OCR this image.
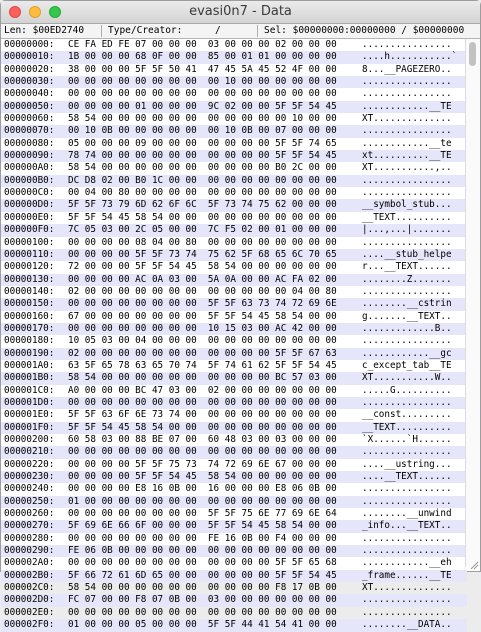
evasi0n7 - Data
Len: $00ED2740	Type/Creator:	/	Sel: $00000000:00000000 / $00000000
00000000: CE FA ED FE 07 00 00 00  03 00 00 00 02 00 00 00	................
00000010: 1B 00 00 00 68 0F 00 00  85 00 01 01 00 00 00 00	....h...........`
00000020: 38 00 00 00 5F 5F 50 41  47 45 5A 45 52 4F 00 00	8...__PAGEZERO..
00000030: 00 00 00 00 00 00 00 00  00 10 00 00 00 00 00 00	................
00000040: 00 00 00 00 00 00 00 00  00 00 00 00 00 00 00 00	................
00000050: 00 00 00 00 01 00 00 00  9C 02 00 00 5F 5F 54 45	............__TE
00000060: 58 54 00 00 00 00 00 00  00 00 00 00 00 10 00 00	XT..............
00000070: 00 10 0B 00 00 00 00 00  00 10 0B 00 07 00 00 00	................
00000080: 05 00 00 00 09 00 00 00  00 00 00 00 5F 5F 74 65	............__te
00000090: 78 74 00 00 00 00 00 00  00 00 00 00 5F 5F 54 45	xt..........__TE
000000A0: 58 54 00 00 00 00 00 00  00 00 00 00 B0 2C 00 00	XT...........,..
000000B0: DC D8 02 00 B0 1C 00 00  00 00 00 00 00 00 00 00	................
000000C0: 00 04 00 80 00 00 00 00  00 00 00 00 00 00 00 00	................
000000D0: 5F 5F 73 79 6D 62 6F 6C  5F 73 74 75 62 00 00 00	__symbol_stub...
000000E0: 5F 5F 54 45 58 54 00 00  00 00 00 00 00 00 00 00	__TEXT..........
000000F0: 7C 05 03 00 2C 05 00 00  7C F5 02 00 01 00 00 00	|...,...|.......
00000100: 00 00 00 00 08 04 00 80  00 00 00 00 00 00 00 00	................
00000110: 00 00 00 00 5F 5F 73 74  75 62 5F 68 65 6C 70 65	....__stub_helpe
00000120: 72 00 00 00 5F 5F 54 45  58 54 00 00 00 00 00 00	r...__TEXT......
00000130: 00 00 00 00 AC 0A 03 00  5A 0A 00 00 AC FA 02 00	........Z.......
00000140: 02 00 00 00 00 00 00 00  00 00 00 00 00 04 00 80	................
00000150: 00 00 00 00 00 00 00 00  5F 5F 63 73 74 72 69 6E	........__cstrin
00000160: 67 00 00 00 00 00 00 00  5F 5F 54 45 58 54 00 00	g.......__TEXT..
00000170: 00 00 00 00 00 00 00 00  10 15 03 00 AC 42 00 00	.............B..
00000180: 10 05 03 00 04 00 00 00  00 00 00 00 00 00 00 00	................
00000190: 02 00 00 00 00 00 00 00  00 00 00 00 5F 5F 67 63	............__gc
000001A0: 63 5F 65 78 63 65 70 74  5F 74 61 62 5F 5F 54 45	c_except_tab__TE
000001B0: 58 54 00 00 00 00 00 00  00 00 00 00 BC 57 03 00	XT...........W..
000001C0: A0 00 00 00 BC 47 03 00  02 00 00 00 00 00 00 00	.....G..........
000001D0: 00 00 00 00 00 00 00 00  00 00 00 00 00 00 00 00	................
000001E0: 5F 5F 63 6F 6E 73 74 00  00 00 00 00 00 00 00 00	__const.........
000001F0: 5F 5F 54 45 58 54 00 00  00 00 00 00 00 00 00 00	__TEXT..........
00000200: 60 58 03 00 88 BE 07 00  60 48 03 00 03 00 00 00	`X......`H......
00000210: 00 00 00 00 00 00 00 00  00 00 00 00 00 00 00 00	................
00000220: 00 00 00 00 5F 5F 75 73  74 72 69 6E 67 00 00 00	....__ustring...
00000230: 00 00 00 00 5F 5F 54 45  58 54 00 00 00 00 00 00	....__TEXT......
00000240: 00 00 00 00 E8 16 0B 00  16 00 00 00 E8 06 0B 00	................
00000250: 01 00 00 00 00 00 00 00  00 00 00 00 00 00 00 00	................
00000260: 00 00 00 00 00 00 00 00  5F 5F 75 6E 77 69 6E 64	........__unwind
00000270: 5F 69 6E 66 6F 00 00 00  5F 5F 54 45 58 54 00 00	_info...__TEXT..
00000280: 00 00 00 00 00 00 00 00  FE 16 0B 00 F4 00 00 00	................
00000290: FE 06 0B 00 00 00 00 00  00 00 00 00 00 00 00 00	................
000002A0: 00 00 00 00 00 00 00 00  00 00 00 00 5F 5F 65 68	............__eh
000002B0: 5F 66 72 61 6D 65 00 00  00 00 00 00 5F 5F 54 45	_frame......__TE
000002C0: 58 54 00 00 00 00 00 00  00 00 00 00 F8 17 0B 00	XT..............
000002D0: FC 07 00 00 F8 07 0B 00  03 00 00 00 00 00 00 00	................
000002E0: 00 00 00 00 00 00 00 00  00 00 00 00 00 00 00 00	................
000002F0: 01 00 00 00 05 00 00 00  5F 5F 44 41 54 41 00 00	........__DATA..
